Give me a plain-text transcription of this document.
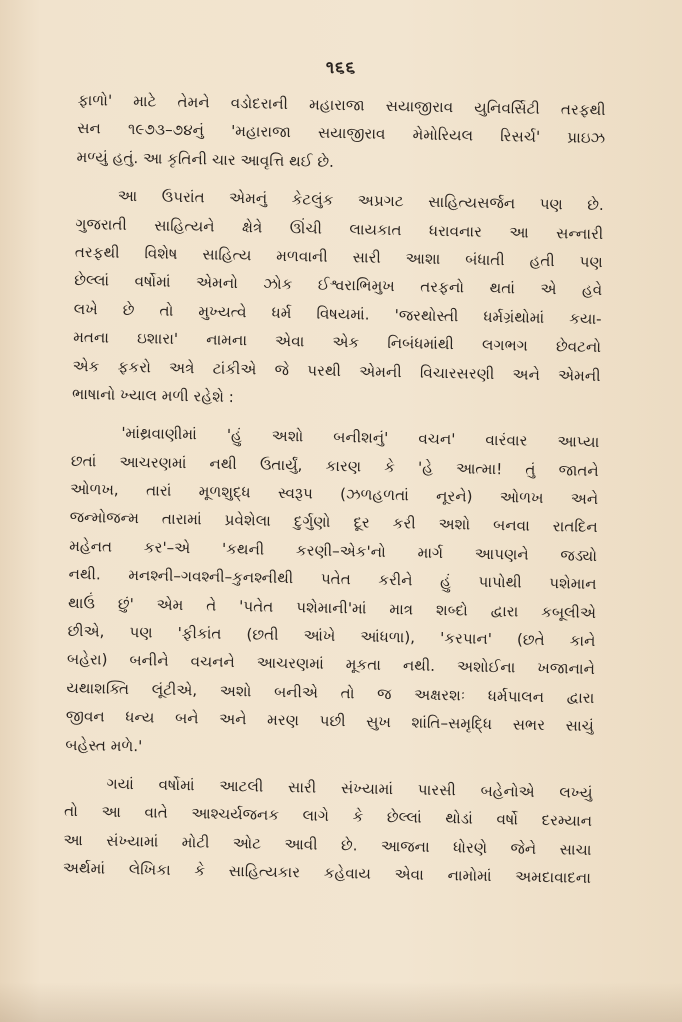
૧૬૬
ફાળો' માટે તેમને વડોદરાની મહારાજા સયાજીરાવ યુનિવર્સિટી તરફથી
સન ૧૯૭૩–૭૪નું 'મહારાજા સયાજીરાવ મેમોરિયલ રિસર્ચ' પ્રાઇઝ
મળ્યું હતું. આ કૃતિની ચાર આવૃત્તિ થઈ છે.
આ ઉપરાંત એમનું કેટલુંક અપ્રગટ સાહિત્યસર્જન પણ છે.
ગુજરાતી સાહિત્યને ક્ષેત્રે ઊંચી લાયકાત ધરાવનાર આ સન્નારી
તરફથી વિશેષ સાહિત્ય મળવાની સારી આશા બંધાતી હતી પણ
છેલ્લાં વર્ષોમાં એમનો ઝોક ઈશ્વરાભિમુખ તરફનો થતાં એ હવે
લખે છે તો મુખ્યત્વે ધર્મ વિષયમાં. 'જરથોસ્તી ધર્મગ્રંથોમાં કયા-
મતના ઇશારા' નામના એવા એક નિબંધમાંથી લગભગ છેવટનો
એક ફકરો અત્રે ટાંકીએ જે પરથી એમની વિચારસરણી અને એમની
ભાષાનો ખ્યાલ મળી રહેશે :
'માંથ્રવાણીમાં 'હું અશો બનીશનું' વચન' વારંવાર આપ્યા
છતાં આચરણમાં નથી ઉતાર્યું, કારણ કે 'હે આત્મા! તું જાતને
ઓળખ, તારાં મૂળશુદ્ધ સ્વરૂપ (ઝળહળતાં નૂરને) ઓળખ અને
જન્મોજન્મ તારામાં પ્રવેશેલા દુર્ગુણો દૂર કરી અશો બનવા રાતદિન
મહેનત કર'–એ 'કથની કરણી–એક'નો માર્ગ આપણને જડ્યો
નથી. મનશ્ની–ગવશ્ની–કુનશ્નીથી પતેત કરીને હું પાપોથી પશેમાન
થાઉં છું' એમ તે 'પતેત પશેમાની'માં માત્ર શબ્દો દ્વારા કબૂલીએ
છીએ, પણ 'ફીકાંત (છતી આંખે આંધળા), 'કરપાન' (છતે કાને
બહેરા) બનીને વચનને આચરણમાં મૂકતા નથી. અશોઈના ખજાનાને
યથાશક્તિ લૂંટીએ, અશો બનીએ તો જ અક્ષરશઃ ધર્મપાલન દ્વારા
જીવન ધન્ય બને અને મરણ પછી સુખ શાંતિ–સમૃદ્ધિ સભર સાચું
બહેસ્ત મળે.'
ગયાં વર્ષોમાં આટલી સારી સંખ્યામાં પારસી બહેનોએ લખ્યું
તો આ વાતે આશ્ચર્યજનક લાગે કે છેલ્લાં થોડાં વર્ષો દરમ્યાન
આ સંખ્યામાં મોટી ઓટ આવી છે. આજના ધોરણે જેને સાચા
અર્થમાં લેખિકા કે સાહિત્યકાર કહેવાય એવા નામોમાં અમદાવાદના
